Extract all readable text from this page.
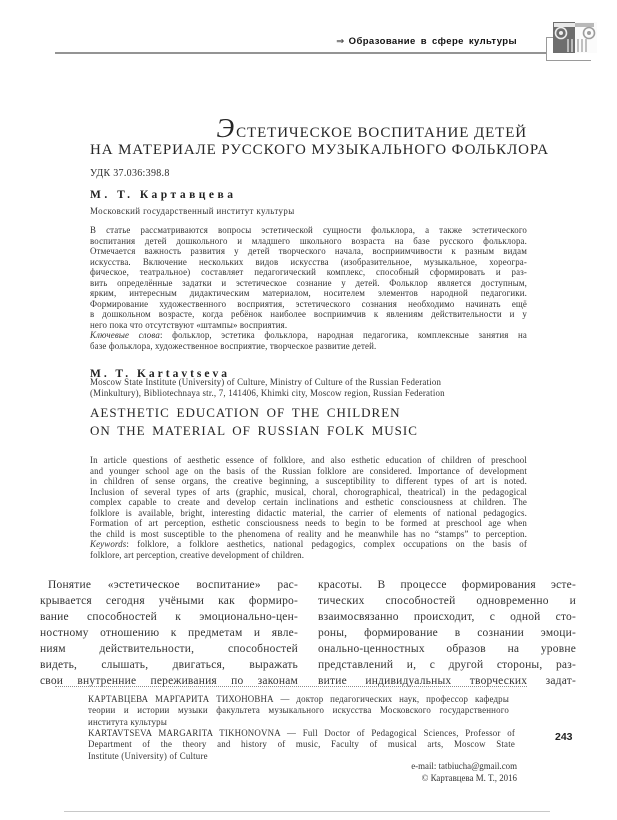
⇒ Образование в сфере культуры
ЭСТЕТИЧЕСКОЕ ВОСПИТАНИЕ ДЕТЕЙ
НА МАТЕРИАЛЕ РУССКОГО МУЗЫКАЛЬНОГО ФОЛЬКЛОРА
УДК 37.036:398.8
М. Т. Картавцева
Московский государственный институт культуры
В статье рассматриваются вопросы эстетической сущности фольклора, а также эстетического
воспитания детей дошкольного и младшего школьного возраста на базе русского фольклора.
Отмечается важность развития у детей творческого начала, восприимчивости к разным видам
искусства. Включение нескольких видов искусства (изобразительное, музыкальное, хореогра-
фическое, театральное) составляет педагогический комплекс, способный сформировать и раз-
вить определённые задатки и эстетическое сознание у детей. Фольклор является доступным,
ярким, интересным дидактическим материалом, носителем элементов народной педагогики.
Формирование художественного восприятия, эстетического сознания необходимо начинать ещё
в дошкольном возрасте, когда ребёнок наиболее восприимчив к явлениям действительности и у
него пока что отсутствуют «штампы» восприятия.
Ключевые слова: фольклор, эстетика фольклора, народная педагогика, комплексные занятия на
базе фольклора, художественное восприятие, творческое развитие детей.
M. T. Kartavtseva
Moscow State Institute (University) of Culture, Ministry of Culture of the Russian Federation
(Minkultury), Bibliotechnaya str., 7, 141406, Khimki city, Moscow region, Russian Federation
AESTHETIC EDUCATION OF THE CHILDREN
ON THE MATERIAL OF RUSSIAN FOLK MUSIC
In article questions of aesthetic essence of folklore, and also esthetic education of children of preschool
and younger school age on the basis of the Russian folklore are considered. Importance of development
in children of sense organs, the creative beginning, a susceptibility to different types of art is noted.
Inclusion of several types of arts (graphic, musical, choral, chorographical, theatrical) in the pedagogical
complex capable to create and develop certain inclinations and esthetic consciousness at children. The
folklore is available, bright, interesting didactic material, the carrier of elements of national pedagogics.
Formation of art perception, esthetic consciousness needs to begin to be formed at preschool age when
the child is most susceptible to the phenomena of reality and he meanwhile has no “stamps” to perception.
Keywords: folklore, a folklore aesthetics, national pedagogics, complex occupations on the basis of
folklore, art perception, creative development of children.
Понятие «эстетическое воспитание» рас-
крывается сегодня учёными как формиро-
вание способностей к эмоционально-цен-
ностному отношению к предметам и явле-
ниям действительности, способностей
видеть, слышать, двигаться, выражать
свои внутренние переживания по законам
красоты. В процессе формирования эсте-
тических способностей одновременно и
взаимосвязанно происходит, с одной сто-
роны, формирование в сознании эмоци-
онально-ценностных образов на уровне
представлений и, с другой стороны, раз-
витие индивидуальных творческих задат-
КАРТАВЦЕВА МАРГАРИТА ТИХОНОВНА — доктор педагогических наук, профессор кафедры
теории и истории музыки факультета музыкального искусства Московского государственного
института культуры
KARTAVTSEVA MARGARITA TIKHONOVNA — Full Doctor of Pedagogical Sciences, Professor of
Department of the theory and history of music, Faculty of musical arts, Moscow State
Institute (University) of Culture
e-mail: tatbiucha@gmail.com
© Картавцева М. Т., 2016
243
